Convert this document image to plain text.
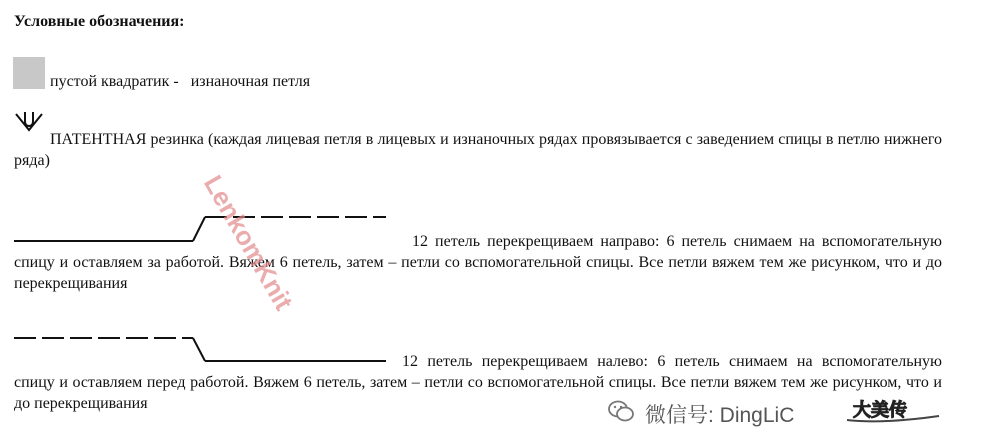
Условные обозначения:
пустой квадратик -   изнаночная петля
ПАТЕНТНАЯ резинка (каждая лицевая петля в лицевых и изнаночных рядах провязывается с заведением спицы в петлю нижнего ряда)
12 петель перекрещиваем направо: 6 петель снимаем на вспомогательную спицу и оставляем за работой. Вяжем 6 петель, затем – петли со вспомогательной спицы. Все петли вяжем тем же рисунком, что и до перекрещивания
12 петель перекрещиваем налево: 6 петель снимаем на вспомогательную спицу и оставляем перед работой. Вяжем 6 петель, затем – петли со вспомогательной спицы. Все петли вяжем тем же рисунком, что и до перекрещивания
LenkomKnit
微信号: DingLiC	大美传
